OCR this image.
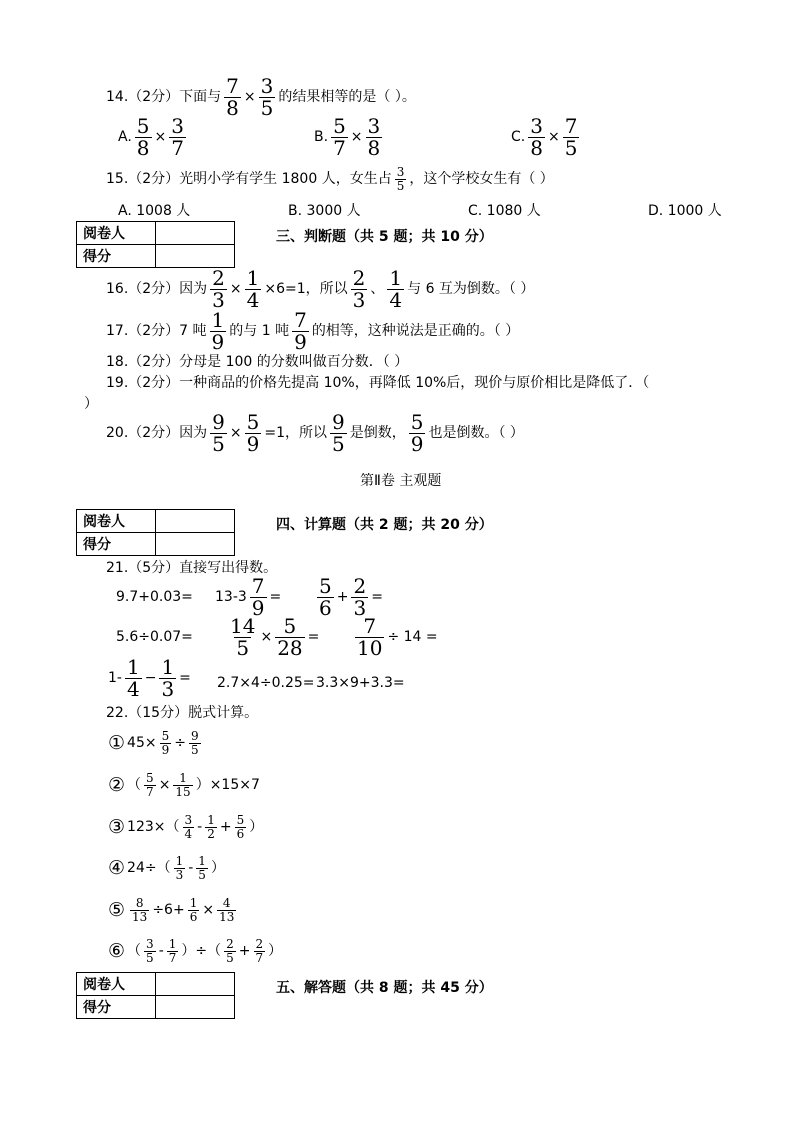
14.（2分）下面与 $\frac{7}{8} \times \frac{3}{5}$ 的结果相等的是（ ）。
A. $\frac{5}{8} \times \frac{3}{7}$	B. $\frac{5}{7} \times \frac{3}{8}$	C. $\frac{3}{8} \times \frac{7}{5}$
15.（2分）光明小学有学生 1800 人，女生占 $\frac{3}{5}$ ，这个学校女生有（ ）
A. 1008 人	B. 3000 人	C. 1080 人	D. 1000 人
阅卷人	
得分	
三、判断题（共 5 题；共 10 分）
16.（2分）因为 $\frac{2}{3} \times \frac{1}{4} \times 6=1$，所以 $\frac{2}{3}$ 、 $\frac{1}{4}$ 与 6 互为倒数。（ ）
17.（2分）7 吨 $\frac{1}{9}$ 的与 1 吨 $\frac{7}{9}$ 的相等，这种说法是正确的。（ ）
18.（2分）分母是 100 的分数叫做百分数．（ ）
19.（2分）一种商品的价格先提高 10%，再降低 10%后，现价与原价相比是降低了．（
）
20.（2分）因为 $\frac{9}{5} \times \frac{5}{9} =1$，所以 $\frac{9}{5}$ 是倒数， $\frac{5}{9}$ 也是倒数。（ ）
第Ⅱ卷 主观题
阅卷人	
得分	
四、计算题（共 2 题；共 20 分）
21.（5分）直接写出得数。
$9.7+0.03= 13-3 \frac{7}{9} = \frac{5}{6} + \frac{2}{3}$ =
$5.6\div 0.07= \frac{14}{5} \times \frac{5}{28} = \frac{7}{10} \div 14$ =
$1- \frac{1}{4} - \frac{1}{3} = 2.7\times 4\div 0.25= 3.3\times 9+3.3=$
22.（15分）脱式计算。
① $45\times \frac{5}{9} \div \frac{9}{5}$
② （ $\frac{5}{7} \times \frac{1}{15} )\times 15\times 7$
③ $123\times( \frac{3}{4} - \frac{1}{2} + \frac{5}{6}$ ）
④ $24\div( \frac{1}{3} - \frac{1}{5}$ ）
⑤ $\frac{8}{13} \div 6+ \frac{1}{6} \times \frac{4}{13}$
⑥ （ $\frac{3}{5} - \frac{1}{7}$ ）÷（ $\frac{2}{5} + \frac{2}{7}$ ）
阅卷人	
得分	
五、解答题（共 8 题；共 45 分）
